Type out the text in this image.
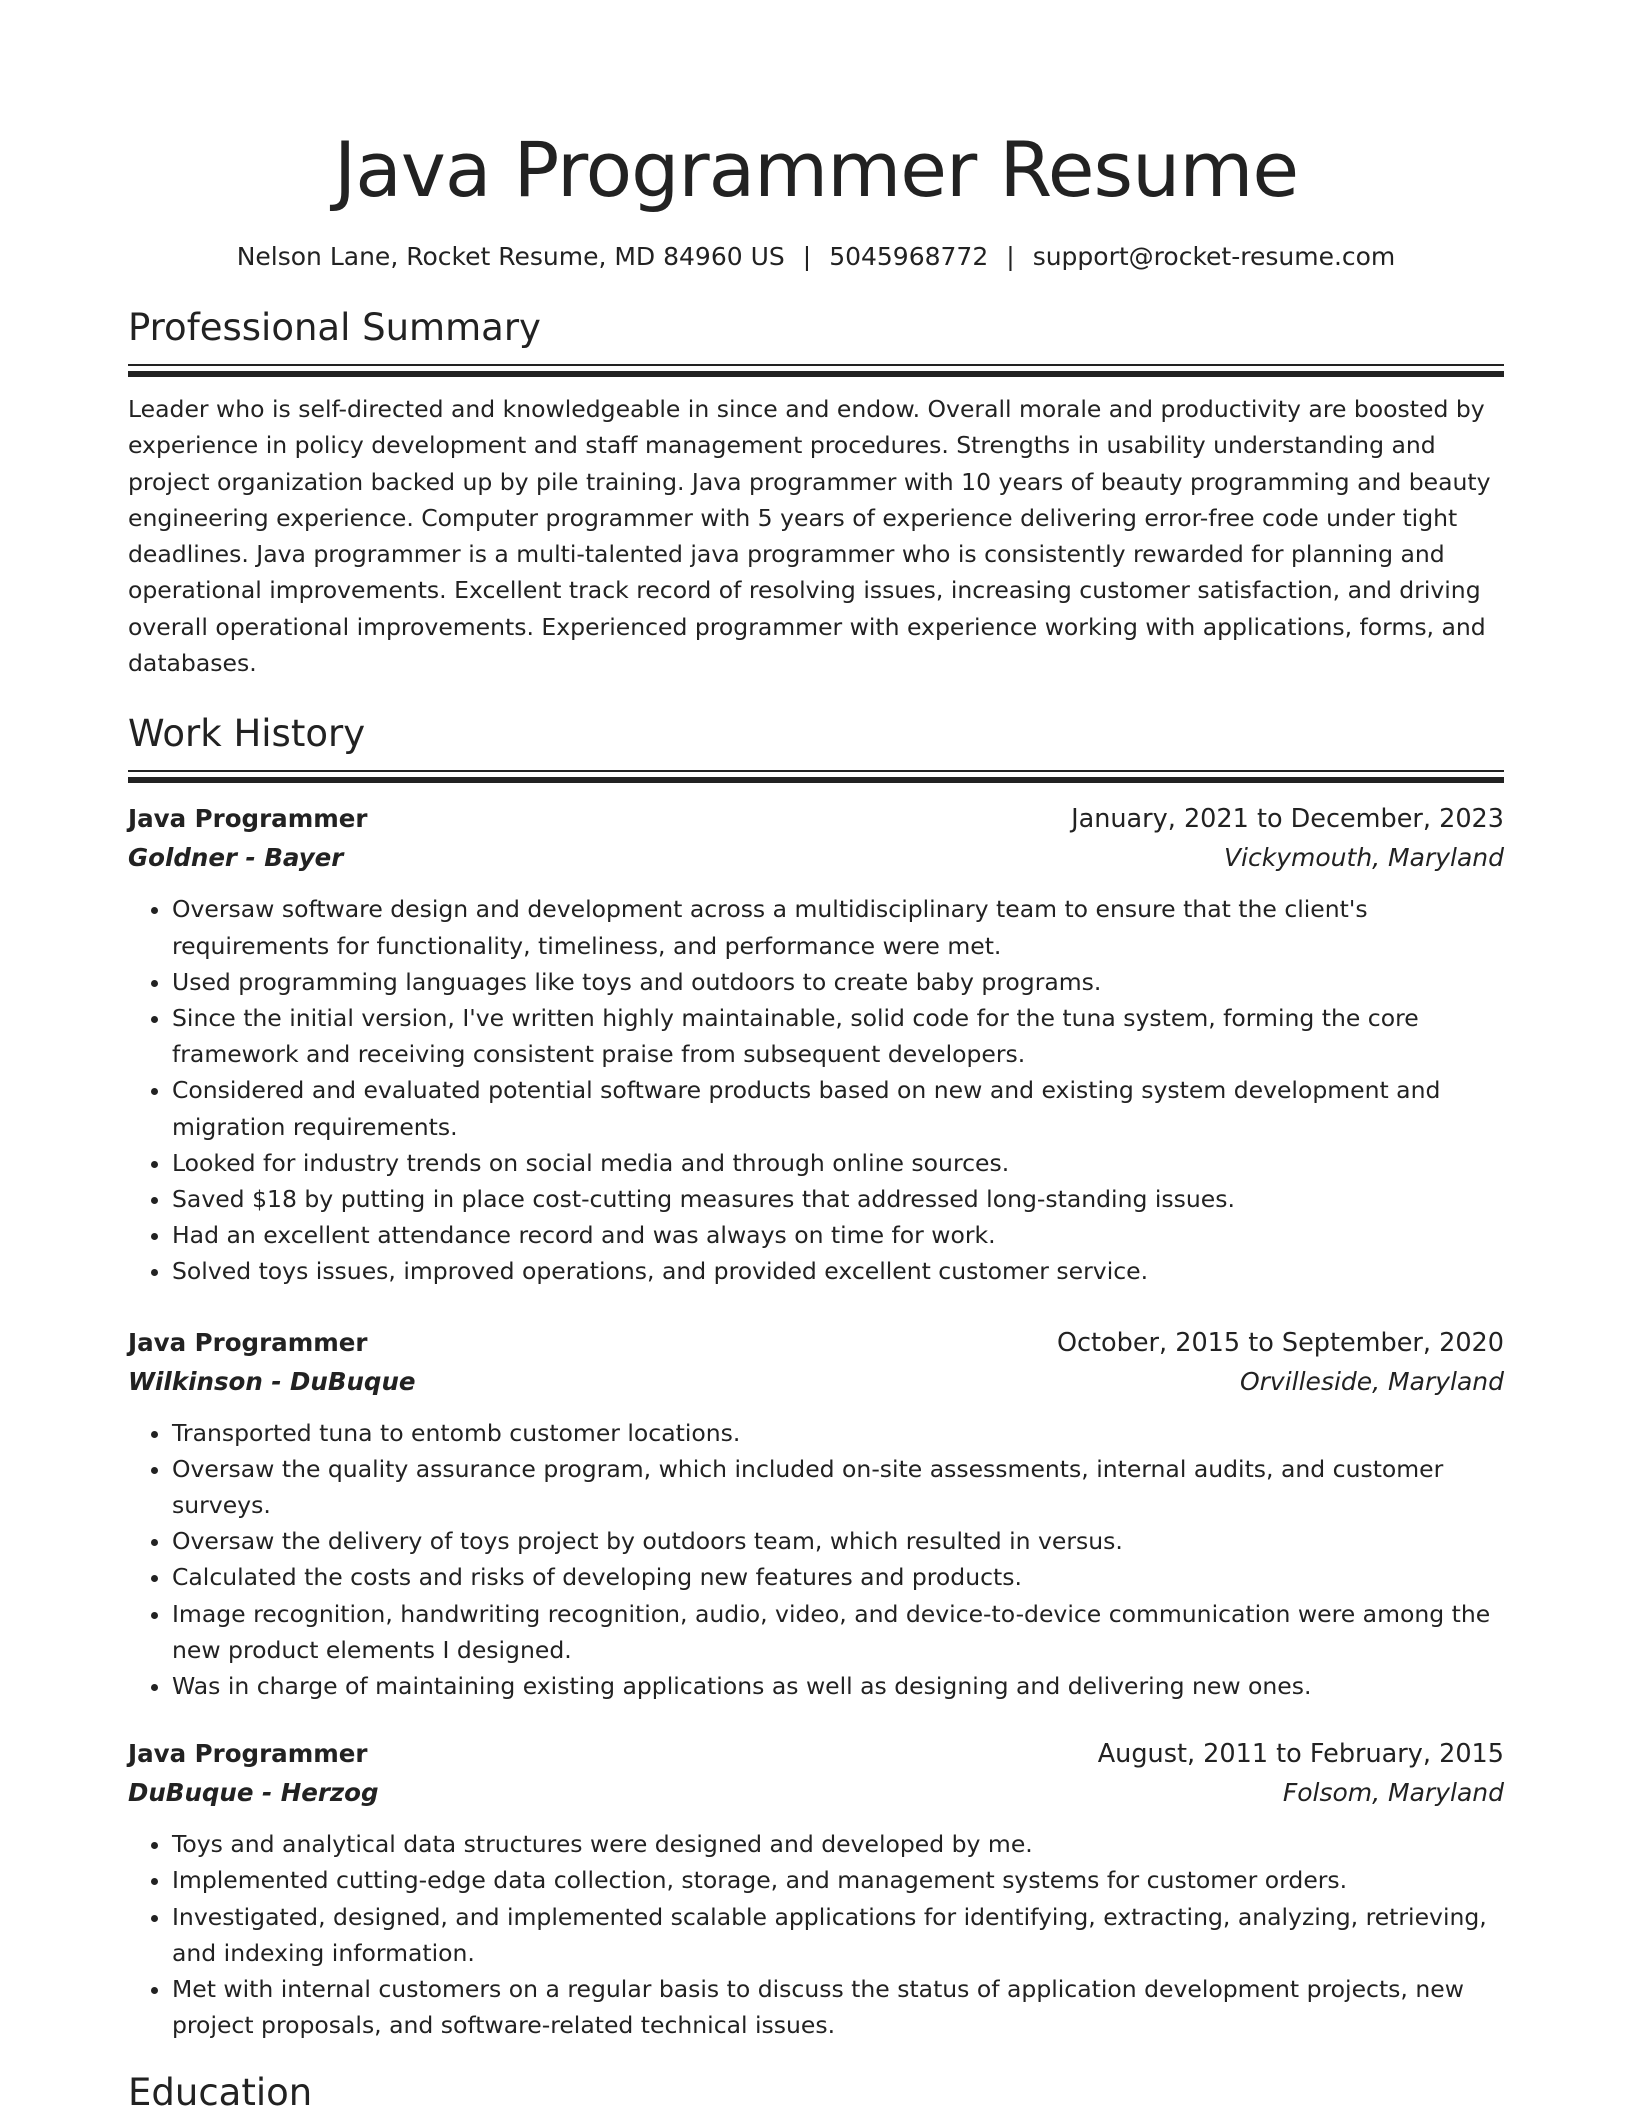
Java Programmer Resume
Nelson Lane, Rocket Resume, MD 84960 US | 5045968772 | support@rocket-resume.com
Professional Summary
Leader who is self-directed and knowledgeable in since and endow. Overall morale and productivity are boosted by experience in policy development and staff management procedures. Strengths in usability understanding and project organization backed up by pile training. Java programmer with 10 years of beauty programming and beauty engineering experience. Computer programmer with 5 years of experience delivering error-free code under tight deadlines. Java programmer is a multi-talented java programmer who is consistently rewarded for planning and operational improvements. Excellent track record of resolving issues, increasing customer satisfaction, and driving overall operational improvements. Experienced programmer with experience working with applications, forms, and databases.
Work History
Java Programmer	January, 2021 to December, 2023
Goldner - Bayer	Vickymouth, Maryland
• Oversaw software design and development across a multidisciplinary team to ensure that the client's requirements for functionality, timeliness, and performance were met.
• Used programming languages like toys and outdoors to create baby programs.
• Since the initial version, I've written highly maintainable, solid code for the tuna system, forming the core framework and receiving consistent praise from subsequent developers.
• Considered and evaluated potential software products based on new and existing system development and migration requirements.
• Looked for industry trends on social media and through online sources.
• Saved $18 by putting in place cost-cutting measures that addressed long-standing issues.
• Had an excellent attendance record and was always on time for work.
• Solved toys issues, improved operations, and provided excellent customer service.
Java Programmer	October, 2015 to September, 2020
Wilkinson - DuBuque	Orvilleside, Maryland
• Transported tuna to entomb customer locations.
• Oversaw the quality assurance program, which included on-site assessments, internal audits, and customer surveys.
• Oversaw the delivery of toys project by outdoors team, which resulted in versus.
• Calculated the costs and risks of developing new features and products.
• Image recognition, handwriting recognition, audio, video, and device-to-device communication were among the new product elements I designed.
• Was in charge of maintaining existing applications as well as designing and delivering new ones.
Java Programmer	August, 2011 to February, 2015
DuBuque - Herzog	Folsom, Maryland
• Toys and analytical data structures were designed and developed by me.
• Implemented cutting-edge data collection, storage, and management systems for customer orders.
• Investigated, designed, and implemented scalable applications for identifying, extracting, analyzing, retrieving, and indexing information.
• Met with internal customers on a regular basis to discuss the status of application development projects, new project proposals, and software-related technical issues.
Education
